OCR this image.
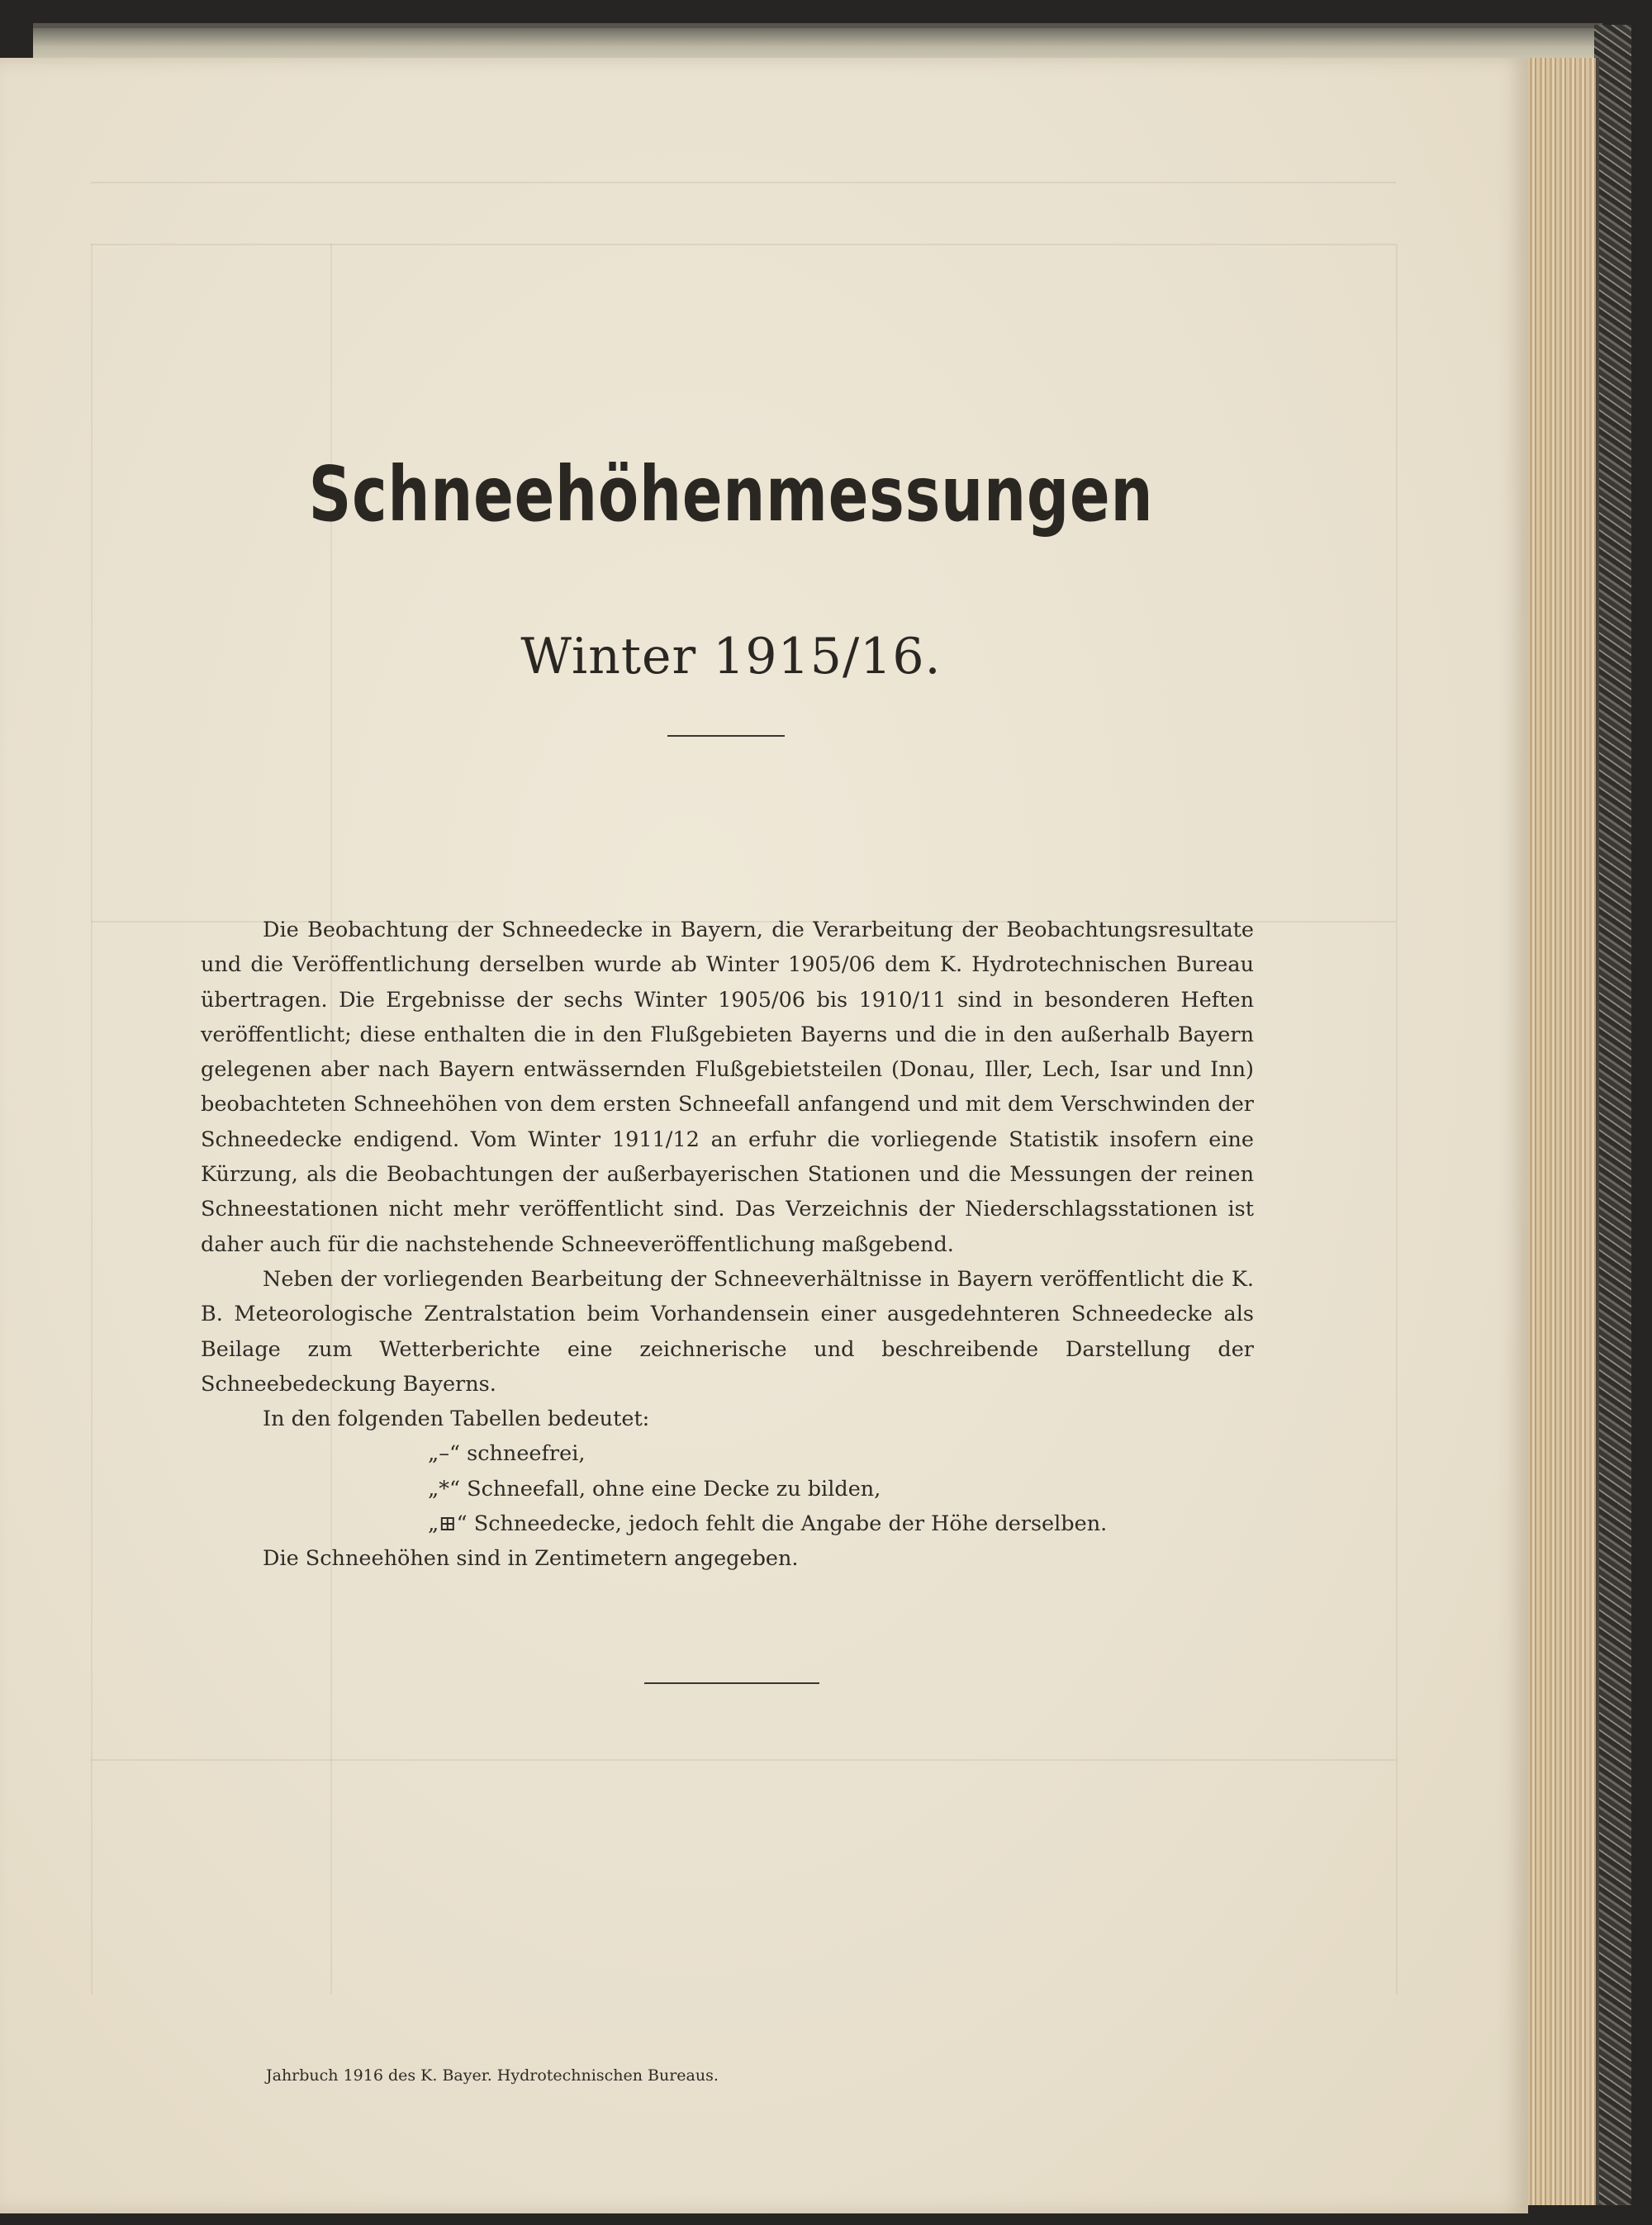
Schneehöhenmessungen
Winter 1915/16.

Die Beobachtung der Schneedecke in Bayern, die Verarbeitung der Beobachtungsresultate und die Veröffentlichung derselben wurde ab Winter 1905/06 dem K. Hydrotechnischen Bureau übertragen. Die Ergebnisse der sechs Winter 1905/06 bis 1910/11 sind in besonderen Heften veröffentlicht; diese enthalten die in den Flußgebieten Bayerns und die in den außerhalb Bayern gelegenen aber nach Bayern entwässernden Flußgebietsteilen (Donau, Iller, Lech, Isar und Inn) beobachteten Schneehöhen von dem ersten Schneefall anfangend und mit dem Verschwinden der Schneedecke endigend. Vom Winter 1911/12 an erfuhr die vorliegende Statistik insofern eine Kürzung, als die Beobachtungen der außerbayerischen Stationen und die Messungen der reinen Schneestationen nicht mehr veröffentlicht sind. Das Verzeichnis der Niederschlagsstationen ist daher auch für die nachstehende Schneeveröffentlichung maßgebend.

Neben der vorliegenden Bearbeitung der Schneeverhältnisse in Bayern veröffentlicht die K. B. Meteorologische Zentralstation beim Vorhandensein einer ausgedehnteren Schneedecke als Beilage zum Wetterberichte eine zeichnerische und beschreibende Darstellung der Schneebedeckung Bayerns.

In den folgenden Tabellen bedeutet:

„–“ schneefrei,

„*“ Schneefall, ohne eine Decke zu bilden,

„⊞“ Schneedecke, jedoch fehlt die Angabe der Höhe derselben.

Die Schneehöhen sind in Zentimetern angegeben.

Jahrbuch 1916 des K. Bayer. Hydrotechnischen Bureaus.
